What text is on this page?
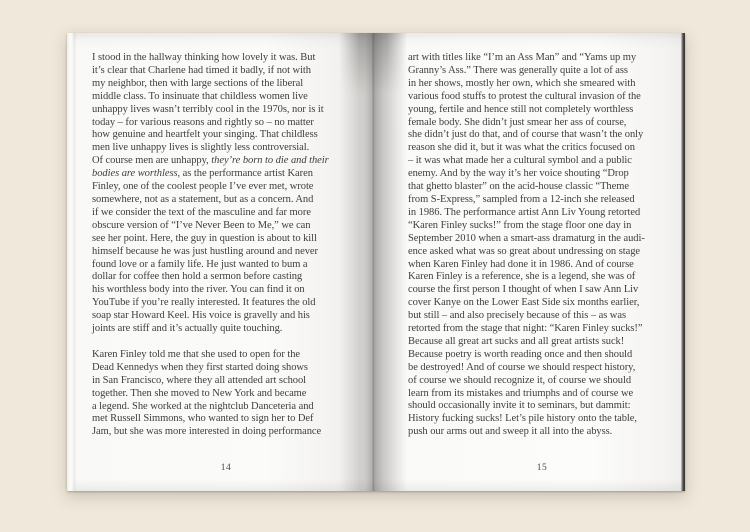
I stood in the hallway thinking how lovely it was. But
it’s clear that Charlene had timed it badly, if not with
my neighbor, then with large sections of the liberal
middle class. To insinuate that childless women live
unhappy lives wasn’t terribly cool in the 1970s, nor is it
today – for various reasons and rightly so – no matter
how genuine and heartfelt your singing. That childless
men live unhappy lives is slightly less controversial.
Of course men are unhappy, they’re born to die and their
bodies are worthless, as the performance artist Karen
Finley, one of the coolest people I’ve ever met, wrote
somewhere, not as a statement, but as a concern. And
if we consider the text of the masculine and far more
obscure version of “I’ve Never Been to Me,” we can
see her point. Here, the guy in question is about to kill
himself because he was just hustling around and never
found love or a family life. He just wanted to bum a
dollar for coffee then hold a sermon before casting
his worthless body into the river. You can find it on
YouTube if you’re really interested. It features the old
soap star Howard Keel. His voice is gravelly and his
joints are stiff and it’s actually quite touching.
Karen Finley told me that she used to open for the
Dead Kennedys when they first started doing shows
in San Francisco, where they all attended art school
together. Then she moved to New York and became
a legend. She worked at the nightclub Danceteria and
met Russell Simmons, who wanted to sign her to Def
Jam, but she was more interested in doing performance
14
art with titles like “I’m an Ass Man” and “Yams up my
Granny’s Ass.” There was generally quite a lot of ass
in her shows, mostly her own, which she smeared with
various food stuffs to protest the cultural invasion of the
young, fertile and hence still not completely worthless
female body. She didn’t just smear her ass of course,
she didn’t just do that, and of course that wasn’t the only
reason she did it, but it was what the critics focused on
– it was what made her a cultural symbol and a public
enemy. And by the way it’s her voice shouting “Drop
that ghetto blaster” on the acid-house classic “Theme
from S-Express,” sampled from a 12-inch she released
in 1986. The performance artist Ann Liv Young retorted
“Karen Finley sucks!” from the stage floor one day in
September 2010 when a smart-ass dramaturg in the audi-
ence asked what was so great about undressing on stage
when Karen Finley had done it in 1986. And of course
Karen Finley is a reference, she is a legend, she was of
course the first person I thought of when I saw Ann Liv
cover Kanye on the Lower East Side six months earlier,
but still – and also precisely because of this – as was
retorted from the stage that night: “Karen Finley sucks!”
Because all great art sucks and all great artists suck!
Because poetry is worth reading once and then should
be destroyed! And of course we should respect history,
of course we should recognize it, of course we should
learn from its mistakes and triumphs and of course we
should occasionally invite it to seminars, but dammit:
History fucking sucks! Let’s pile history onto the table,
push our arms out and sweep it all into the abyss.
15
